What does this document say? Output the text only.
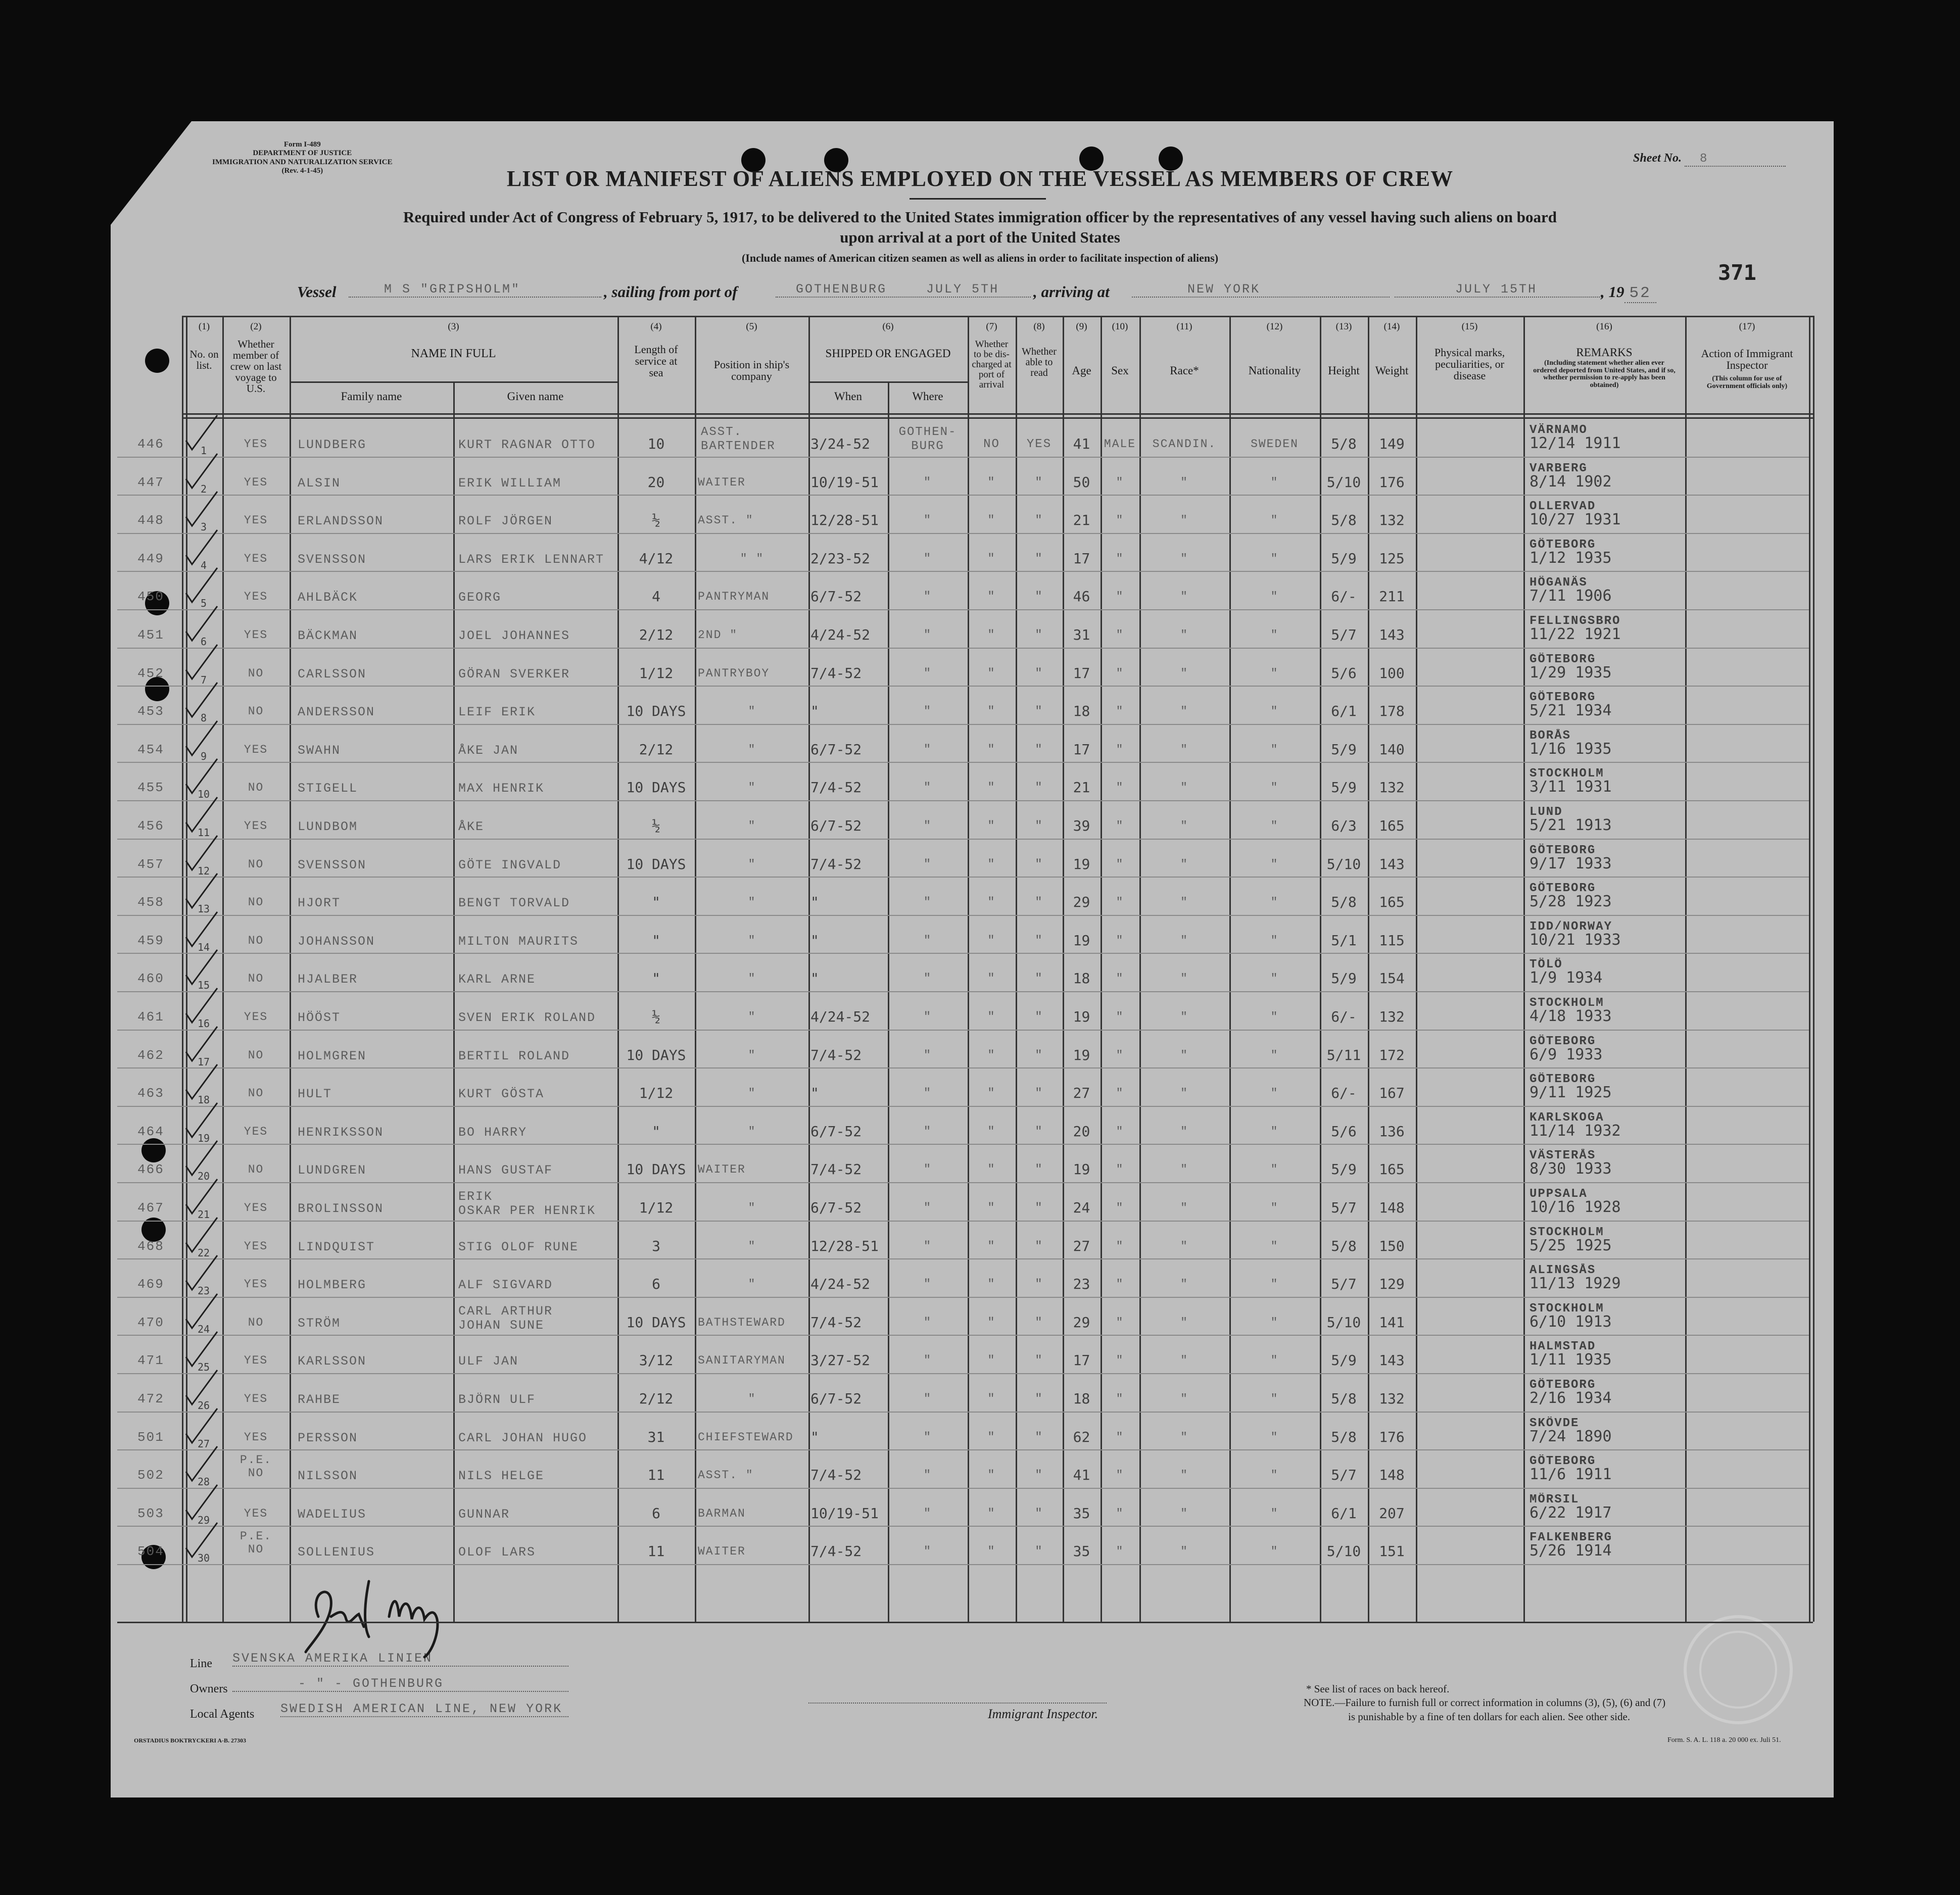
Form I-489
DEPARTMENT OF JUSTICE
IMMIGRATION AND NATURALIZATION SERVICE
(Rev. 4-1-45)
Sheet No. 8
LIST OR MANIFEST OF ALIENS EMPLOYED ON THE VESSEL AS MEMBERS OF CREW
Required under Act of Congress of February 5, 1917, to be delivered to the United States immigration officer by the representatives of any vessel having such aliens on board
upon arrival at a port of the United States
(Include names of American citizen seamen as well as aliens in order to facilitate inspection of aliens)
371
Vessel	M S "GRIPSHOLM"	, sailing from port of	GOTHENBURG	JULY 5TH	, arriving at	NEW YORK	JULY 15TH	, 19 52
Line SVENSKA AMERIKA LINIEN
Owners	- " - GOTHENBURG
Local Agents SWEDISH AMERICAN LINE, NEW YORK	Immigrant Inspector.
* See list of races on back hereof.
NOTE.—Failure to furnish full or correct information in columns (3), (5), (6) and (7)
is punishable by a fine of ten dollars for each alien. See other side.
ORSTADIUS BOKTRYCKERI A-B. 27303	Form. S. A. L. 118 a. 20 000 ex. Juli 51.
(1)	(2)	(3)	(4)	(5)	(6)	(7)	(8)	(9)	(10)	(11)	(12)	(13)	(14)	(15)	(16)	(17)
No. on list.
Whether member of crew on last voyage to U.S.
NAME IN FULL
Family name	Given name
Length of service at sea
Position in ship's company
SHIPPED OR ENGAGED
When	Where
Whether to be dis-charged at port of arrival
Whether able to read	Age	Sex	Race*	Nationality	Height	Weight
Physical marks, peculiarities, or disease
REMARKS
(Including statement whether alien ever ordered deported from United States, and if so, whether permission to re-apply has been obtained)
Action of Immigrant Inspector
(This column for use of Government officials only)
446	1	YES	LUNDBERG	KURT RAGNAR OTTO	10
ASST.
BARTENDER	3/24-52
GOTHEN-
BURG	NO	YES	41	MALE	SCANDIN.	SWEDEN	5/8	149
VÄRNAMO
12/14 1911
447	2	YES	ALSIN	ERIK WILLIAM	20	WAITER	10/19-51	"	"	"	50	"	"	"	5/10	176
VARBERG
8/14 1902
448	3	YES	ERLANDSSON	ROLF JÖRGEN	½	ASST. "	12/28-51	"	"	"	21	"	"	"	5/8	132
OLLERVAD
10/27 1931
449	4	YES	SVENSSON	LARS ERIK LENNART	4/12	" "	2/23-52	"	"	"	17	"	"	"	5/9	125
GÖTEBORG
1/12 1935
450	5	YES	AHLBÄCK	GEORG	4	PANTRYMAN	6/7-52	"	"	"	46	"	"	"	6/-	211
HÖGANÄS
7/11 1906
451	6	YES	BÄCKMAN	JOEL JOHANNES	2/12	2ND "	4/24-52	"	"	"	31	"	"	"	5/7	143
FELLINGSBRO
11/22 1921
452	7	NO	CARLSSON	GÖRAN SVERKER	1/12	PANTRYBOY	7/4-52	"	"	"	17	"	"	"	5/6	100
GÖTEBORG
1/29 1935
453	8	NO	ANDERSSON	LEIF ERIK	10 DAYS	"	"	"	"	"	18	"	"	"	6/1	178
GÖTEBORG
5/21 1934
454	9	YES	SWAHN	ÅKE JAN	2/12	"	6/7-52	"	"	"	17	"	"	"	5/9	140
BORÅS
1/16 1935
455	10	NO	STIGELL	MAX HENRIK	10 DAYS	"	7/4-52	"	"	"	21	"	"	"	5/9	132
STOCKHOLM
3/11 1931
456	11	YES	LUNDBOM	ÅKE	½	"	6/7-52	"	"	"	39	"	"	"	6/3	165
LUND
5/21 1913
457	12	NO	SVENSSON	GÖTE INGVALD	10 DAYS	"	7/4-52	"	"	"	19	"	"	"	5/10	143
GÖTEBORG
9/17 1933
458	13	NO	HJORT	BENGT TORVALD	"	"	"	"	"	"	29	"	"	"	5/8	165
GÖTEBORG
5/28 1923
459	14	NO	JOHANSSON	MILTON MAURITS	"	"	"	"	"	"	19	"	"	"	5/1	115
IDD/NORWAY
10/21 1933
460	15	NO	HJALBER	KARL ARNE	"	"	"	"	"	"	18	"	"	"	5/9	154
TÖLÖ
1/9 1934
461	16	YES	HÖÖST	SVEN ERIK ROLAND	½	"	4/24-52	"	"	"	19	"	"	"	6/-	132
STOCKHOLM
4/18 1933
462	17	NO	HOLMGREN	BERTIL ROLAND	10 DAYS	"	7/4-52	"	"	"	19	"	"	"	5/11	172
GÖTEBORG
6/9 1933
463	18	NO	HULT	KURT GÖSTA	1/12	"	"	"	"	"	27	"	"	"	6/-	167
GÖTEBORG
9/11 1925
464	19	YES	HENRIKSSON	BO HARRY	"	"	6/7-52	"	"	"	20	"	"	"	5/6	136
KARLSKOGA
11/14 1932
466	20	NO	LUNDGREN	HANS GUSTAF	10 DAYS	WAITER	7/4-52	"	"	"	19	"	"	"	5/9	165
VÄSTERÅS
8/30 1933
467	21	YES	BROLINSSON
ERIK
OSKAR PER HENRIK	1/12	"	6/7-52	"	"	"	24	"	"	"	5/7	148
UPPSALA
10/16 1928
468	22	YES	LINDQUIST	STIG OLOF RUNE	3	"	12/28-51	"	"	"	27	"	"	"	5/8	150
STOCKHOLM
5/25 1925
469	23	YES	HOLMBERG	ALF SIGVARD	6	"	4/24-52	"	"	"	23	"	"	"	5/7	129
ALINGSÅS
11/13 1929
470	24	NO	STRÖM
CARL ARTHUR
JOHAN SUNE	10 DAYS	BATHSTEWARD	7/4-52	"	"	"	29	"	"	"	5/10	141
STOCKHOLM
6/10 1913
471	25	YES	KARLSSON	ULF JAN	3/12	SANITARYMAN	3/27-52	"	"	"	17	"	"	"	5/9	143
HALMSTAD
1/11 1935
472	26	YES	RAHBE	BJÖRN ULF	2/12	"	6/7-52	"	"	"	18	"	"	"	5/8	132
GÖTEBORG
2/16 1934
501	27	YES	PERSSON	CARL JOHAN HUGO	31	CHIEFSTEWARD	"	"	"	"	62	"	"	"	5/8	176
SKÖVDE
7/24 1890
502	28
P.E.
NO	NILSSON	NILS HELGE	11	ASST. "	7/4-52	"	"	"	41	"	"	"	5/7	148
GÖTEBORG
11/6 1911
503	29	YES	WADELIUS	GUNNAR	6	BARMAN	10/19-51	"	"	"	35	"	"	"	6/1	207
MÖRSIL
6/22 1917
504	30
P.E.
NO	SOLLENIUS	OLOF LARS	11	WAITER	7/4-52	"	"	"	35	"	"	"	5/10	151
FALKENBERG
5/26 1914
